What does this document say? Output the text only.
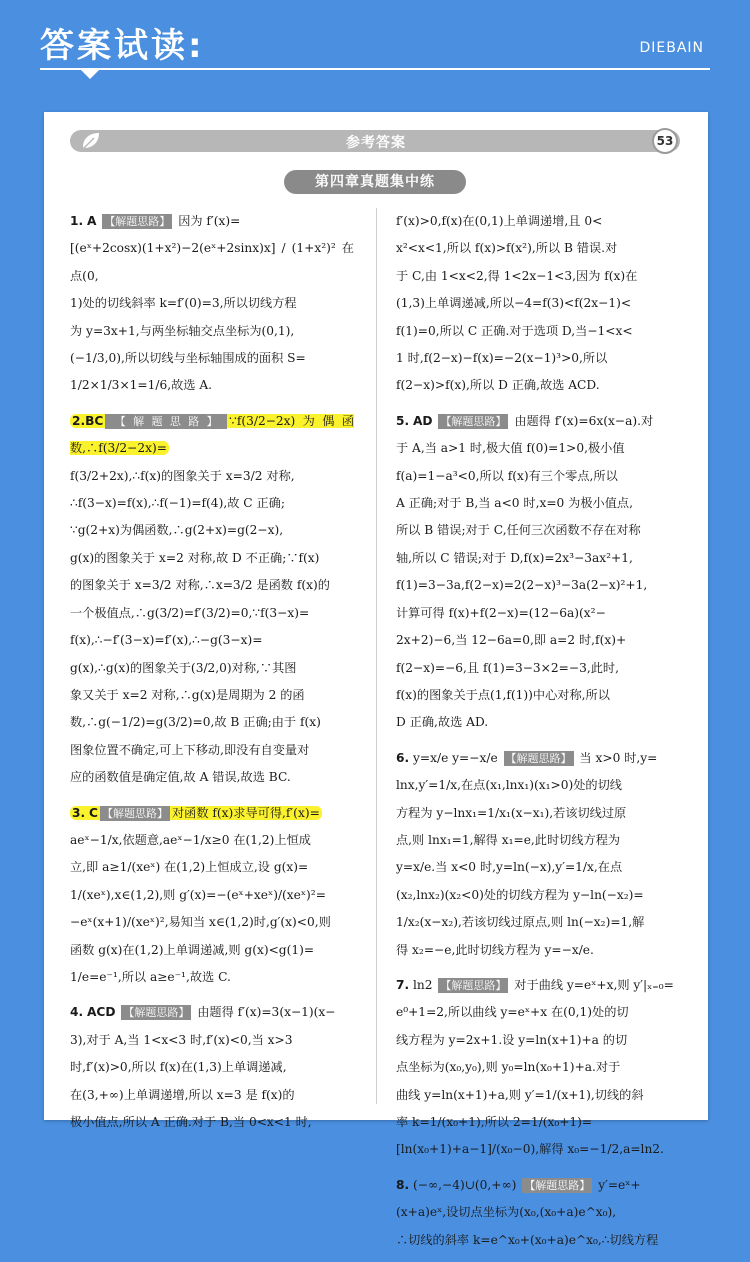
答案试读:	DIEBAIN
参考答案	53
第四章真题集中练

1. A 【解题思路】 因为 f′(x)=

[(eˣ+2cosx)(1+x²)−2(eˣ+2sinx)x] / (1+x²)² 在点(0,

1)处的切线斜率 k=f′(0)=3,所以切线方程

为 y=3x+1,与两坐标轴交点坐标为(0,1),

(−1/3,0),所以切线与坐标轴围成的面积 S=

1/2×1/3×1=1/6,故选 A.

2.BC 【解题思路】 ∵f(3/2−2x)为偶函数,∴f(3/2−2x)=

f(3/2+2x),∴f(x)的图象关于 x=3/2 对称,

∴f(3−x)=f(x),∴f(−1)=f(4),故 C 正确;

∵g(2+x)为偶函数,∴g(2+x)=g(2−x),

g(x)的图象关于 x=2 对称,故 D 不正确;∵f(x)

的图象关于 x=3/2 对称,∴x=3/2 是函数 f(x)的

一个极值点,∴g(3/2)=f′(3/2)=0,∵f(3−x)=

f(x),∴−f′(3−x)=f′(x),∴−g(3−x)=

g(x),∴g(x)的图象关于(3/2,0)对称,∵其图

象又关于 x=2 对称,∴g(x)是周期为 2 的函

数,∴g(−1/2)=g(3/2)=0,故 B 正确;由于 f(x)

图象位置不确定,可上下移动,即没有自变量对

应的函数值是确定值,故 A 错误,故选 BC.

3. C 【解题思路】 对函数 f(x)求导可得,f′(x)=

aeˣ−1/x,依题意,aeˣ−1/x≥0 在(1,2)上恒成

立,即 a≥1/(xeˣ) 在(1,2)上恒成立,设 g(x)=

1/(xeˣ),x∈(1,2),则 g′(x)=−(eˣ+xeˣ)/(xeˣ)²=

−eˣ(x+1)/(xeˣ)²,易知当 x∈(1,2)时,g′(x)<0,则

函数 g(x)在(1,2)上单调递减,则 g(x)<g(1)=

1/e=e⁻¹,所以 a≥e⁻¹,故选 C.

4. ACD 【解题思路】 由题得 f′(x)=3(x−1)(x−

3),对于 A,当 1<x<3 时,f′(x)<0,当 x>3

时,f′(x)>0,所以 f(x)在(1,3)上单调递减,

在(3,+∞)上单调递增,所以 x=3 是 f(x)的

极小值点,所以 A 正确.对于 B,当 0<x<1 时,

f′(x)>0,f(x)在(0,1)上单调递增,且 0<

x²<x<1,所以 f(x)>f(x²),所以 B 错误.对

于 C,由 1<x<2,得 1<2x−1<3,因为 f(x)在

(1,3)上单调递减,所以−4=f(3)<f(2x−1)<

f(1)=0,所以 C 正确.对于选项 D,当−1<x<

1 时,f(2−x)−f(x)=−2(x−1)³>0,所以

f(2−x)>f(x),所以 D 正确,故选 ACD.

5. AD 【解题思路】 由题得 f′(x)=6x(x−a).对

于 A,当 a>1 时,极大值 f(0)=1>0,极小值

f(a)=1−a³<0,所以 f(x)有三个零点,所以

A 正确;对于 B,当 a<0 时,x=0 为极小值点,

所以 B 错误;对于 C,任何三次函数不存在对称

轴,所以 C 错误;对于 D,f(x)=2x³−3ax²+1,

f(1)=3−3a,f(2−x)=2(2−x)³−3a(2−x)²+1,

计算可得 f(x)+f(2−x)=(12−6a)(x²−

2x+2)−6,当 12−6a=0,即 a=2 时,f(x)+

f(2−x)=−6,且 f(1)=3−3×2=−3,此时,

f(x)的图象关于点(1,f(1))中心对称,所以

D 正确,故选 AD.

6. y=x/e y=−x/e 【解题思路】 当 x>0 时,y=

lnx,y′=1/x,在点(x₁,lnx₁)(x₁>0)处的切线

方程为 y−lnx₁=1/x₁(x−x₁),若该切线过原

点,则 lnx₁=1,解得 x₁=e,此时切线方程为

y=x/e.当 x<0 时,y=ln(−x),y′=1/x,在点

(x₂,lnx₂)(x₂<0)处的切线方程为 y−ln(−x₂)=

1/x₂(x−x₂),若该切线过原点,则 ln(−x₂)=1,解

得 x₂=−e,此时切线方程为 y=−x/e.

7. ln2 【解题思路】 对于曲线 y=eˣ+x,则 y′|ₓ₌₀=

e⁰+1=2,所以曲线 y=eˣ+x 在(0,1)处的切

线方程为 y=2x+1.设 y=ln(x+1)+a 的切

点坐标为(x₀,y₀),则 y₀=ln(x₀+1)+a.对于

曲线 y=ln(x+1)+a,则 y′=1/(x+1),切线的斜

率 k=1/(x₀+1),所以 2=1/(x₀+1)=

[ln(x₀+1)+a−1]/(x₀−0),解得 x₀=−1/2,a=ln2.

8. (−∞,−4)∪(0,+∞) 【解题思路】 y′=eˣ+

(x+a)eˣ,设切点坐标为(x₀,(x₀+a)e^x₀),

∴切线的斜率 k=e^x₀+(x₀+a)e^x₀,∴切线方程
